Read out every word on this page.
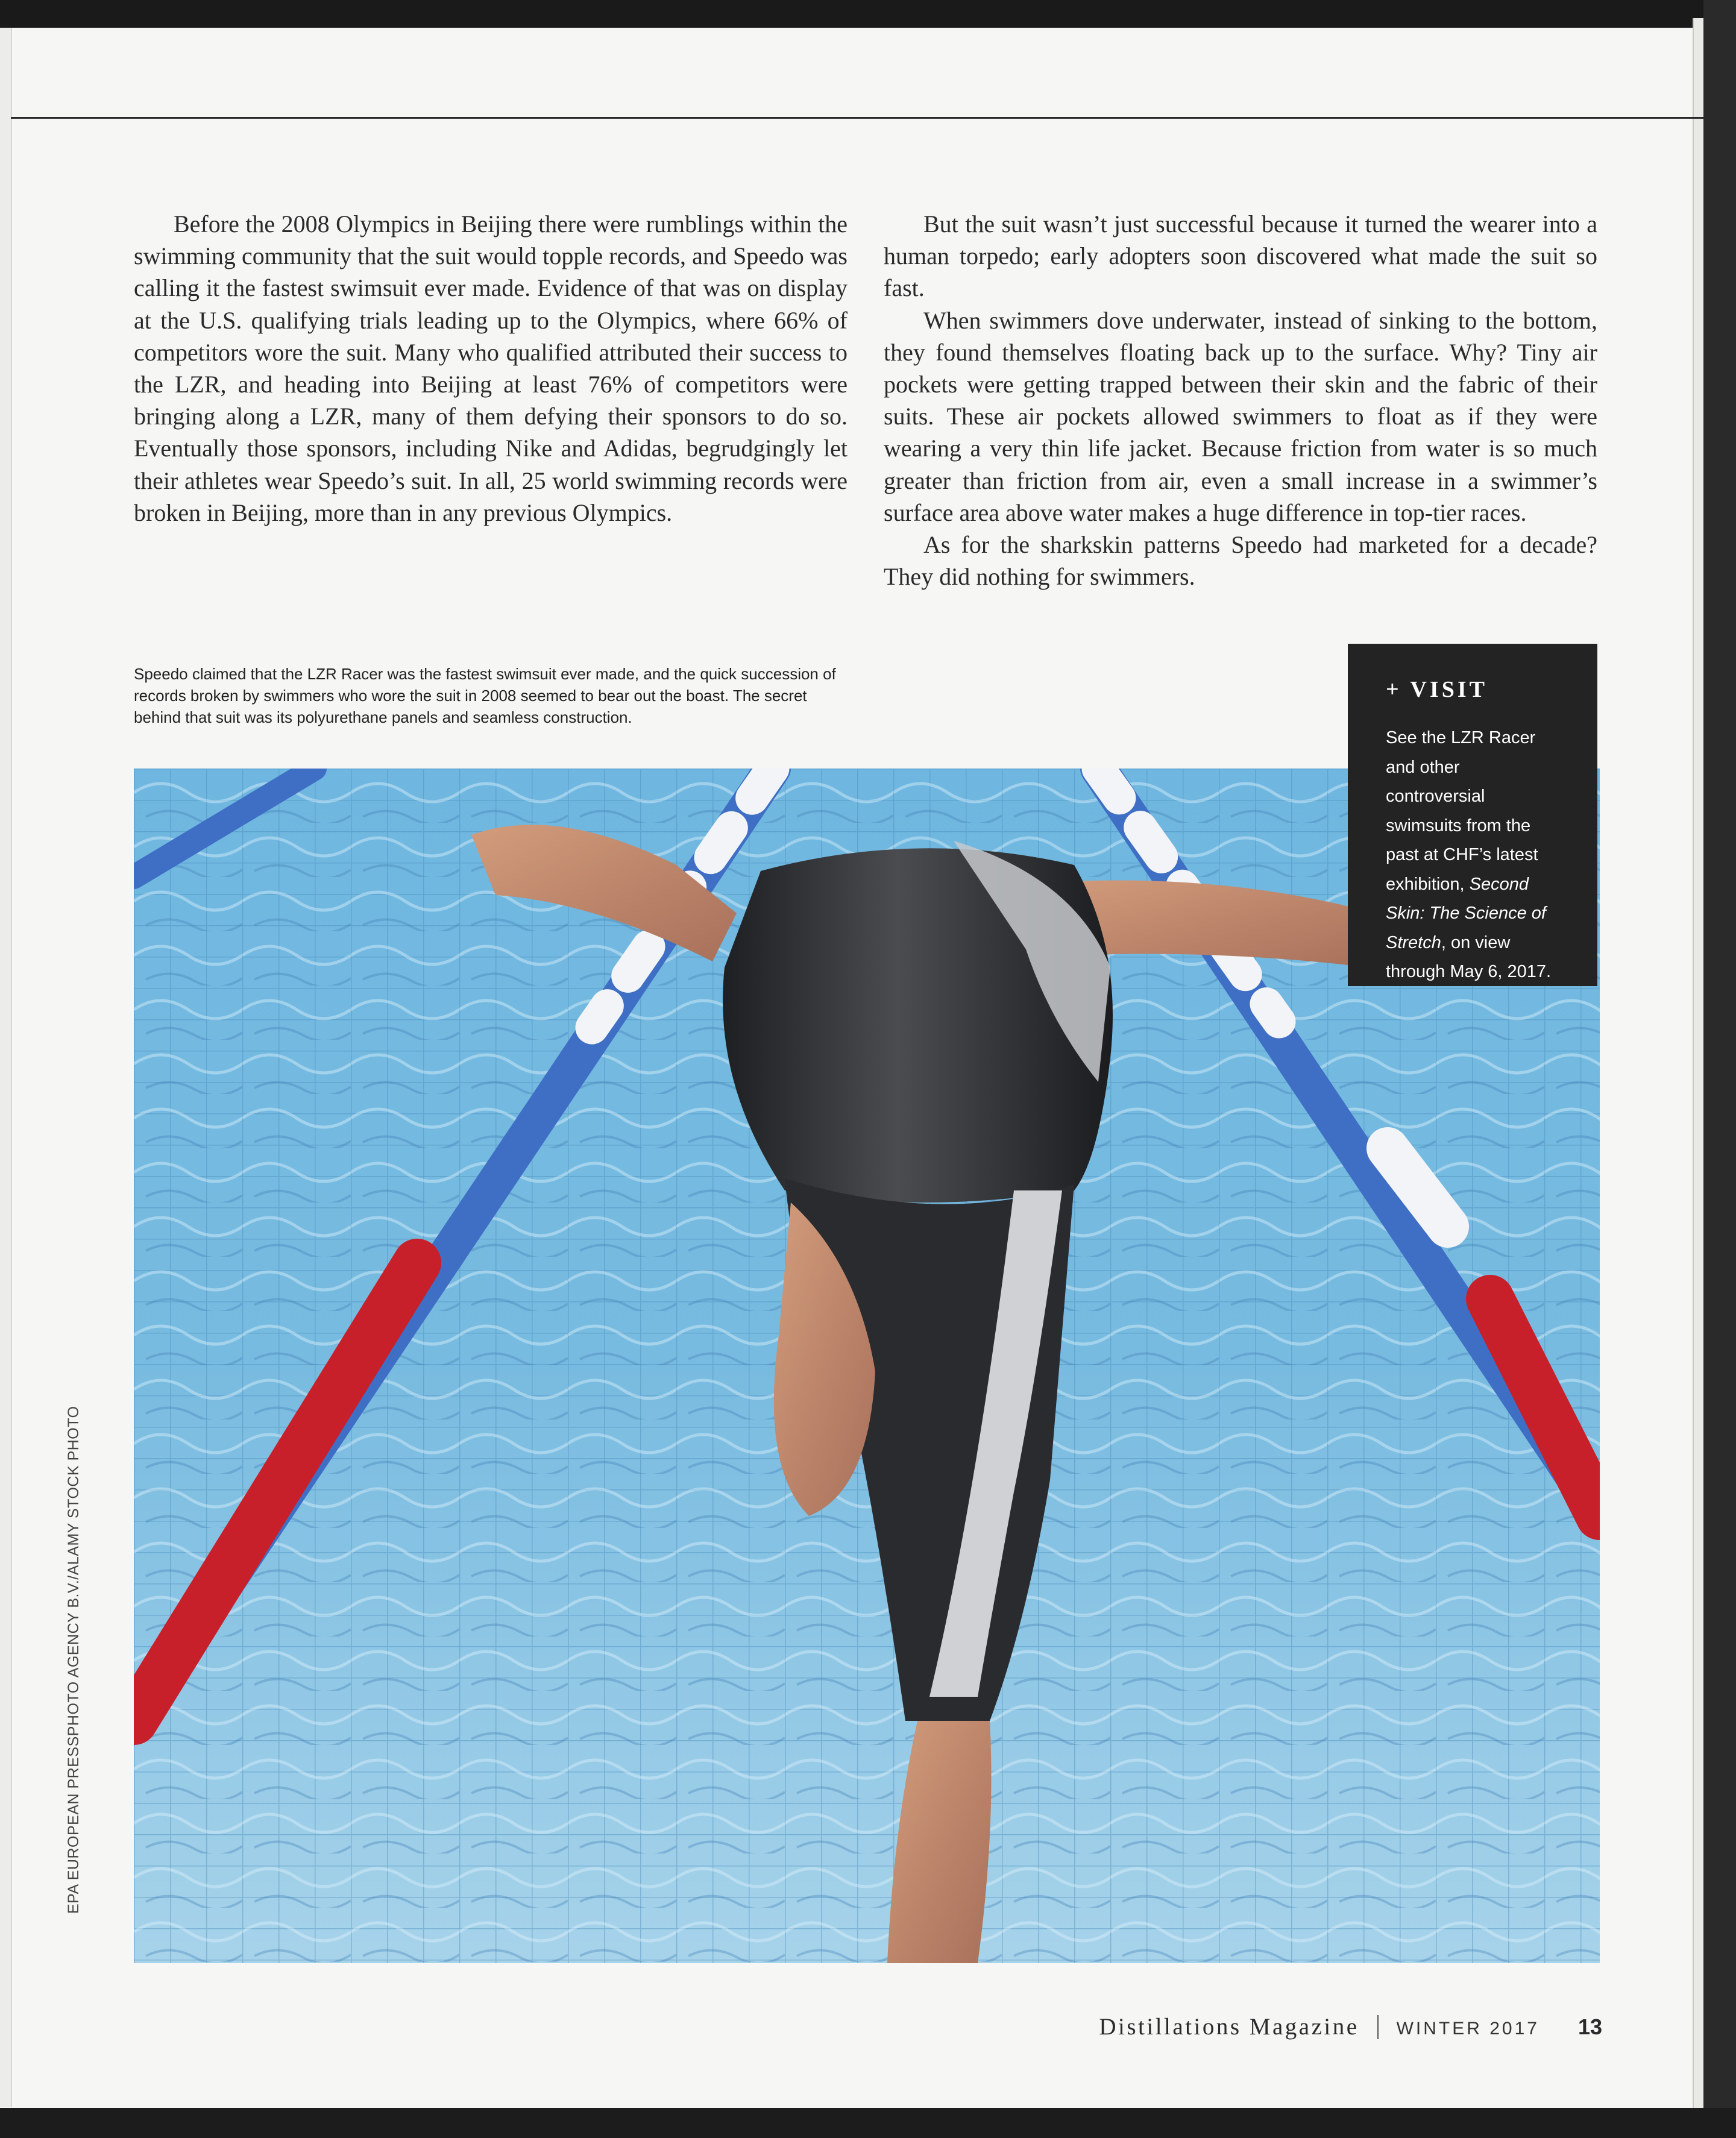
Before the 2008 Olympics in Beijing there were rumblings within the swimming community that the suit would topple records, and Speedo was calling it the fastest swimsuit ever made. Evidence of that was on display at the U.S. qualifying trials leading up to the Olympics, where 66% of competitors wore the suit. Many who qualified attributed their success to the LZR, and heading into Beijing at least 76% of competitors were bringing along a LZR, many of them defying their sponsors to do so. Eventually those sponsors, including Nike and Adidas, begrudgingly let their athletes wear Speedo’s suit. In all, 25 world swimming records were broken in Beijing, more than in any previous Olympics.

But the suit wasn’t just successful because it turned the wearer into a human torpedo; early adopters soon discovered what made the suit so fast.

When swimmers dove underwater, instead of sinking to the bottom, they found themselves floating back up to the surface. Why? Tiny air pockets were getting trapped between their skin and the fabric of their suits. These air pockets allowed swimmers to float as if they were wearing a very thin life jacket. Because friction from water is so much greater than friction from air, even a small increase in a swimmer’s surface area above water makes a huge difference in top-tier races.

As for the sharkskin patterns Speedo had marketed for a decade? They did nothing for swimmers.

Speedo claimed that the LZR Racer was the fastest swimsuit ever made, and the quick succession of records broken by swimmers who wore the suit in 2008 seemed to bear out the boast. The secret behind that suit was its polyurethane panels and seamless construction.
+ VISIT
See the LZR Racer and other controversial swimsuits from the past at CHF’s latest exhibition, Second Skin: The Science of Stretch, on view through May 6, 2017.
EPA EUROPEAN PRESSPHOTO AGENCY B.V./ALAMY STOCK PHOTO
Distillations Magazine WINTER 2017 13
